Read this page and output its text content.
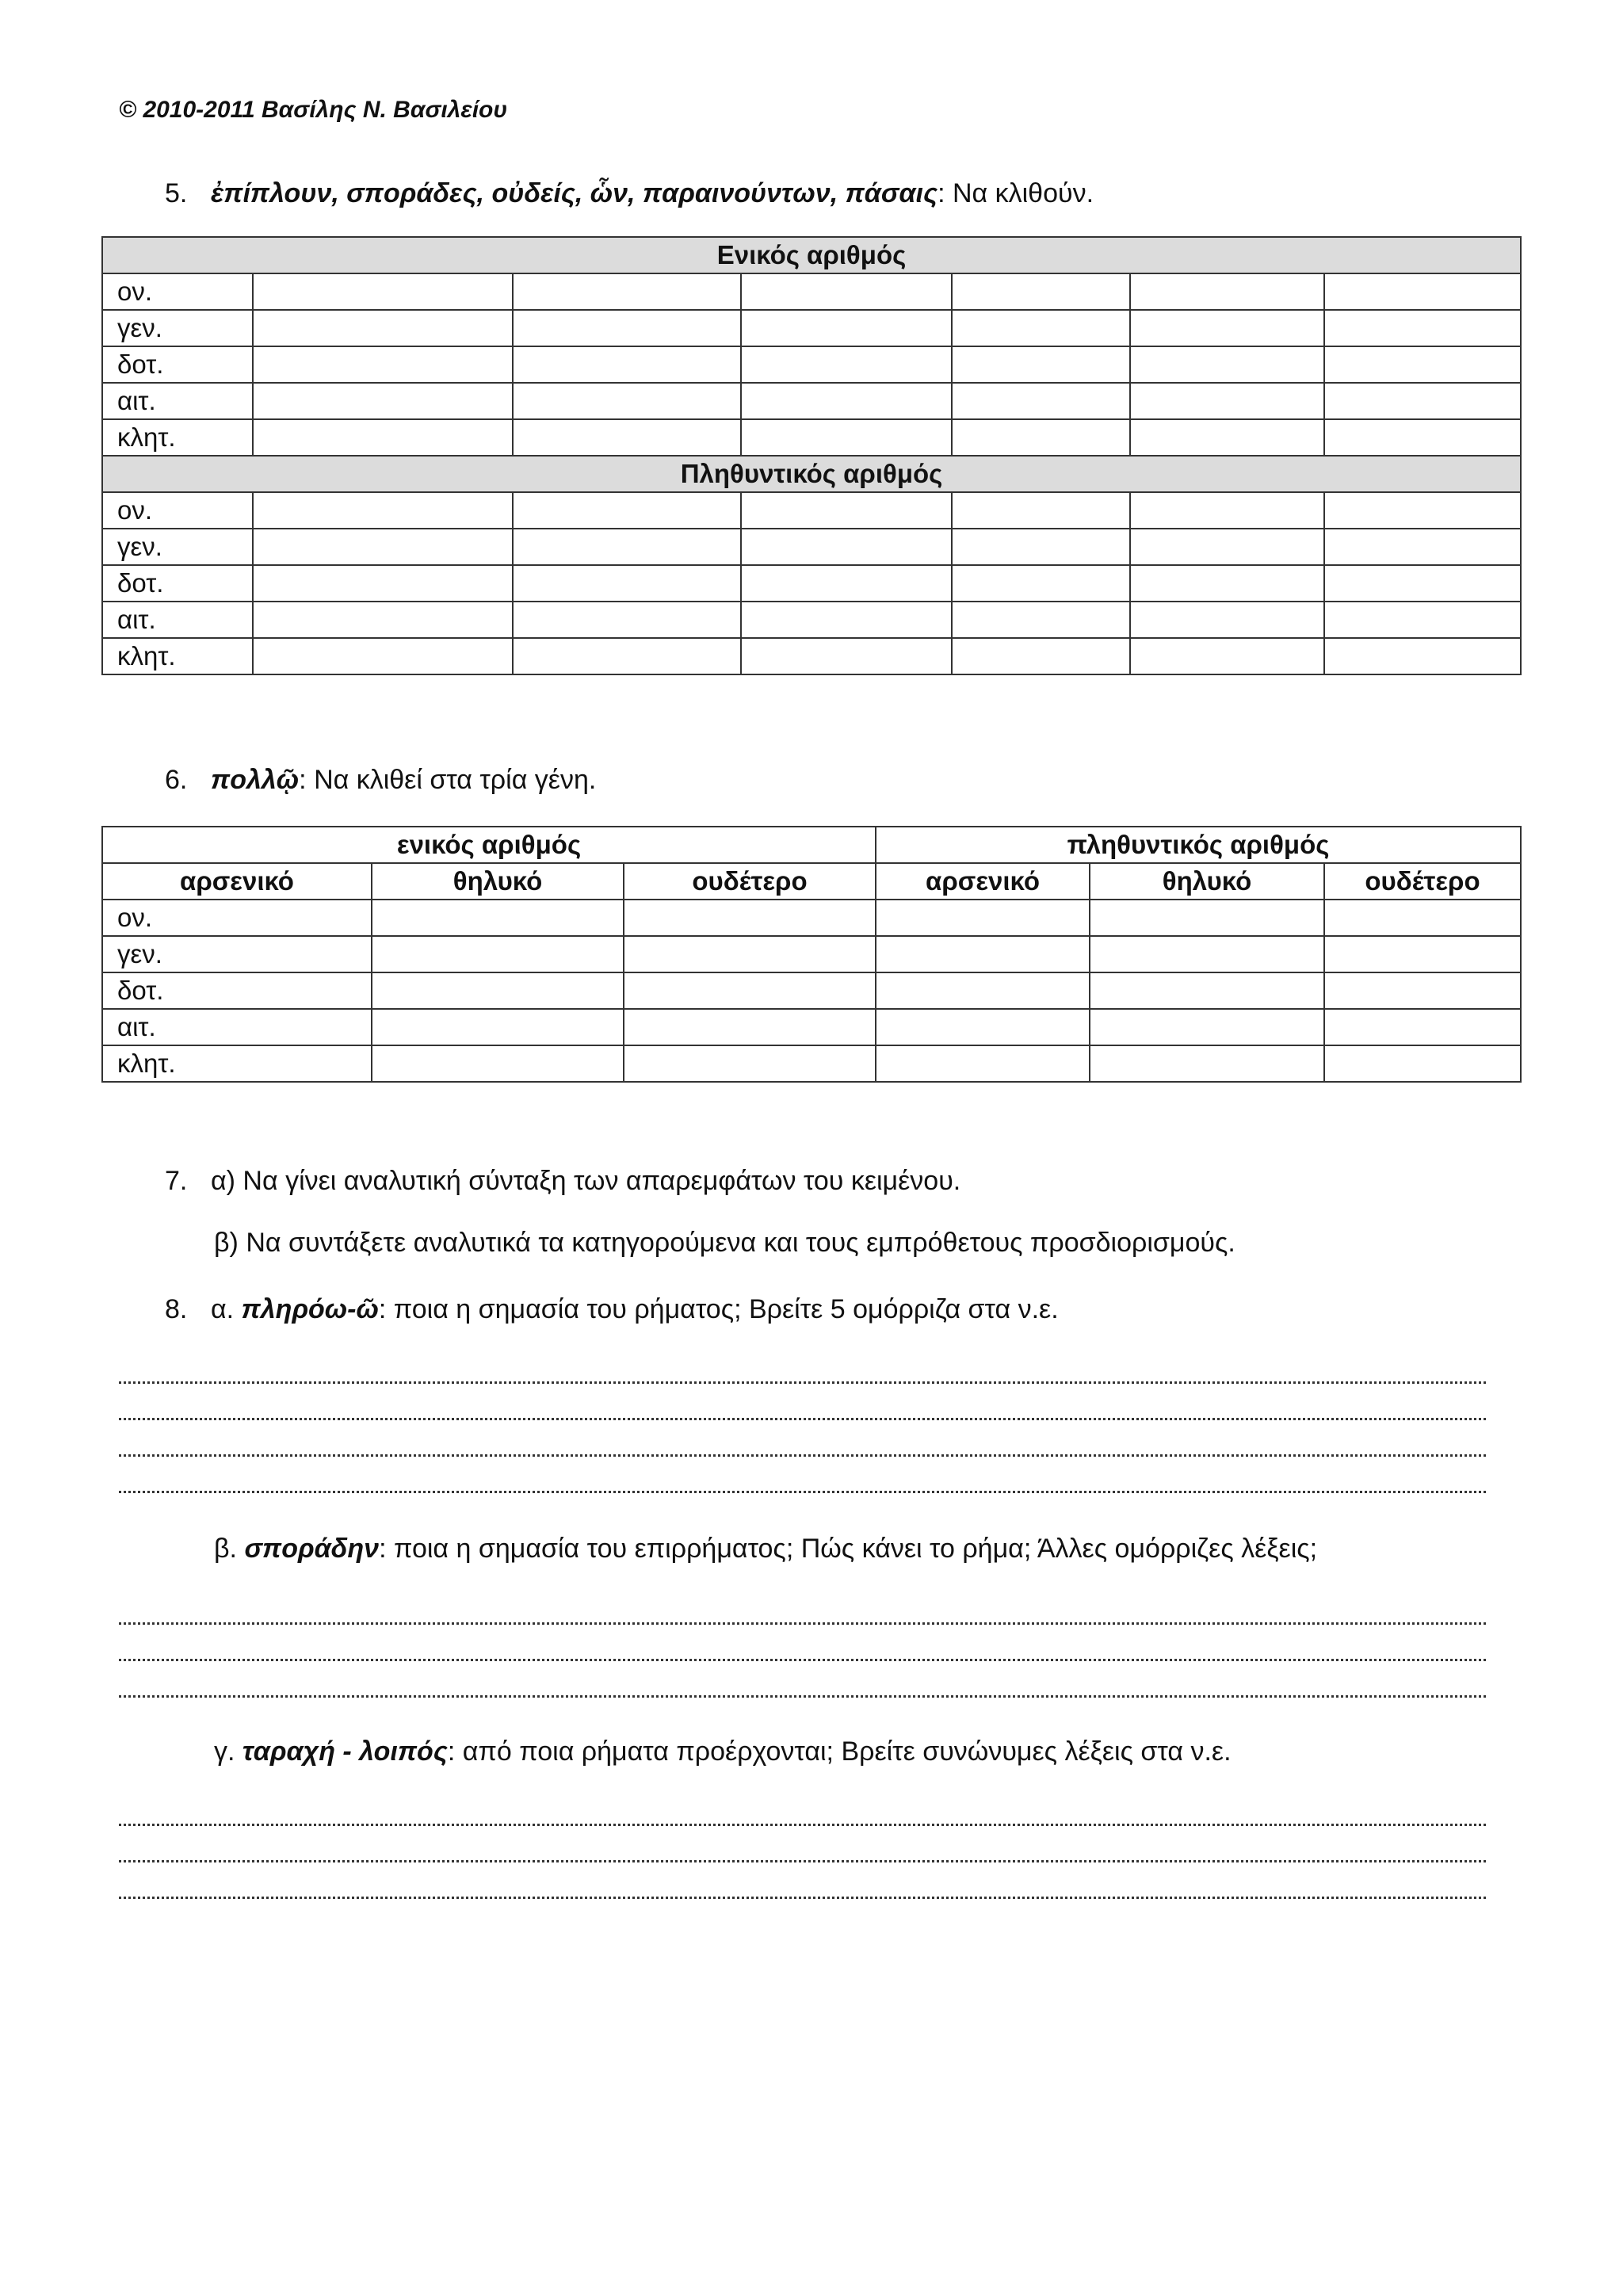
© 2010-2011 Βασίλης Ν. Βασιλείου
5. ἐπίπλουν, σποράδες, οὐδείς, ὧν, παραινούντων, πάσαις: Να κλιθούν.
Ενικός αριθμός						
ον.						
γεν.						
δοτ.						
αιτ.						
κλητ.						
Πληθυντικός αριθμός						
ον.						
γεν.						
δοτ.						
αιτ.						
κλητ.						
6. πολλῷ: Να κλιθεί στα τρία γένη.
ενικός αριθμός			πληθυντικός αριθμός		
αρσενικό	θηλυκό	ουδέτερο	αρσενικό	θηλυκό	ουδέτερο
ον.					
γεν.					
δοτ.					
αιτ.					
κλητ.					
7. α) Να γίνει αναλυτική σύνταξη των απαρεμφάτων του κειμένου.
β) Να συντάξετε αναλυτικά τα κατηγορούμενα και τους εμπρόθετους προσδιορισμούς.
8. α. πληρόω-ῶ: ποια η σημασία του ρήματος; Βρείτε 5 ομόρριζα στα ν.ε.
β. σποράδην: ποια η σημασία του επιρρήματος; Πώς κάνει το ρήμα; Άλλες ομόρριζες λέξεις;
γ. ταραχή - λοιπός: από ποια ρήματα προέρχονται; Βρείτε συνώνυμες λέξεις στα ν.ε.
